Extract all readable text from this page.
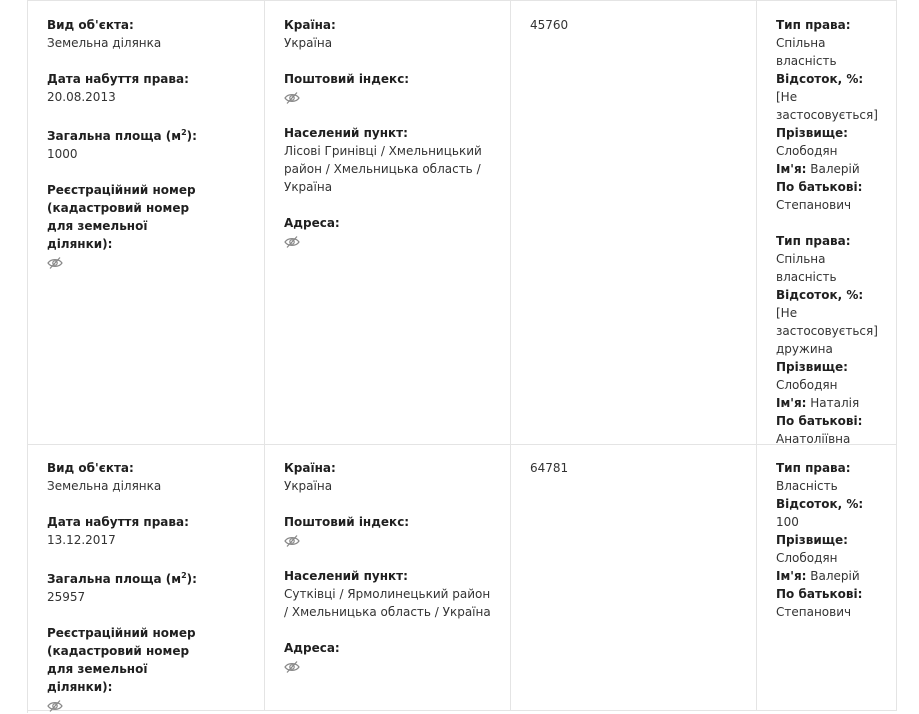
Вид об'єкта:
Земельна ділянка
Дата набуття права:
20.08.2013
Загальна площа $(м^2)$:
1000
Реєстраційний номер (кадастровий номер для земельної ділянки):
Країна:
Україна
Поштовий індекс:
Населений пункт:
Лісові Гринівці / Хмельницький район / Хмельницька область / Україна
Адреса:
45760	Тип права:
Спільна власність
Відсоток, %: [Не застосовується]
Прізвище:
Слободян
Ім'я: Валерій
По батькові:
Степанович
Тип права:
Спільна власність
Відсоток, %: [Не застосовується]
дружина
Прізвище:
Слободян
Ім'я: Наталія
По батькові:
Анатоліївна
Вид об'єкта:
Земельна ділянка
Дата набуття права:
13.12.2017
Загальна площа $(м^2)$:
25957
Реєстраційний номер (кадастровий номер для земельної ділянки):
Країна:
Україна
Поштовий індекс:
Населений пункт:
Сутківці / Ярмолинецький район / Хмельницька область / Україна
Адреса:
64781	Тип права:
Власність
Відсоток, %:
100
Прізвище:
Слободян
Ім'я: Валерій
По батькові:
Степанович
